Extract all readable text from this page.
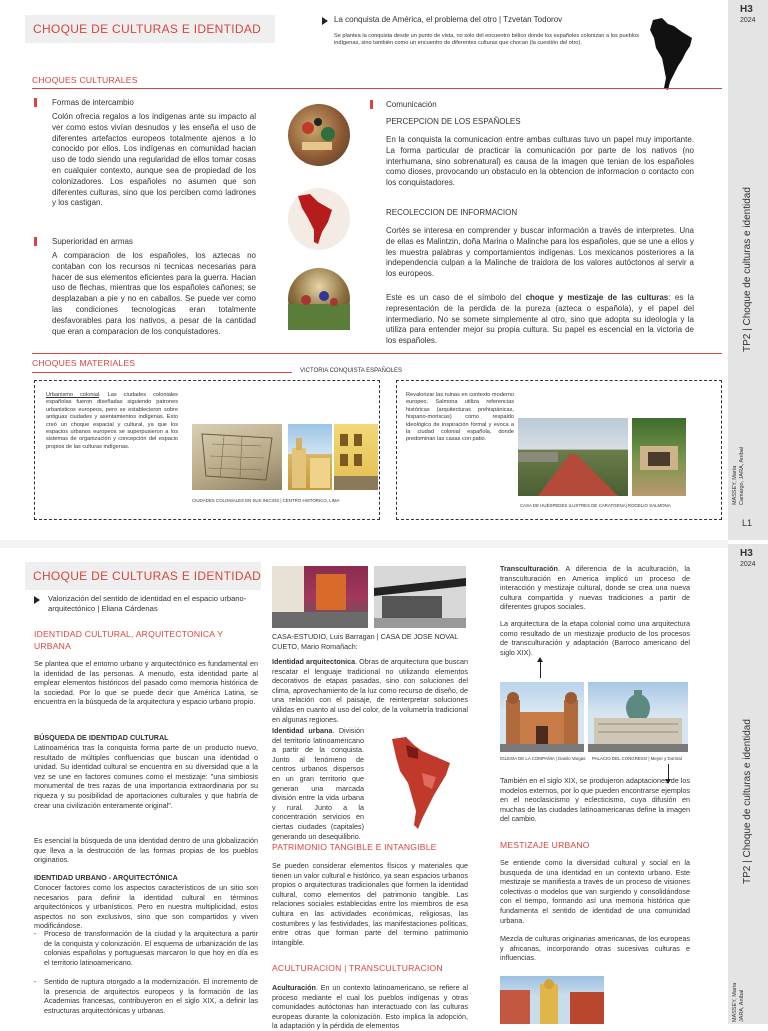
H3
2024
TP2 | Choque de culturas e identidad
MASSEY, María
Camargo, JARA, Aníbal
L1
H3
2024
TP2 | Choque de culturas e identidad
MASSEY, María
JARA, Aníbal
CHOQUE DE CULTURAS E IDENTIDAD
La conquista de América, el problema del otro | Tzvetan Todorov
Se plantea la conquista desde un punto de vista, no solo del encuentro bélico donde los españoles colonizan a los pueblos indígenas, sino también como un encuentro de diferentes culturas que chocan (la cuestión del otro).
CHOQUES CULTURALES
Formas de intercambio
Colón ofrecia regalos a los indigenas ante su impacto al ver como estos vivían desnudos y les enseña el uso de diferentes artefactos europeos totalmente ajenos a lo conocido por ellos. Los indígenas en comunidad hacian uso de todo siendo una regularidad de ellos tomar cosas en cualquier contexto, aunque sea de propiedad de los colonizadores. Los españoles no asumen que son diferentes culturas, sino que los perciben como ladrones y los castigan.
Superioridad en armas
A comparacion de los españoles, los aztecas no contaban con los recursos ni tecnicas necesarias para hacer de sus elementos eficientes para la guerra. Hacian uso de flechas, mientras que los españoles cañones; se desplazaban a pie y no en caballos. Se puede ver como las condiciones tecnologicas eran totalmente desfavorables para los nativos, a pesar de la cantidad que eran a comparacion de los conquistadores.
Comunicación
PERCEPCION DE LOS ESPAÑOLES
En la conquista la comunicacion entre ambas culturas tuvo un papel muy importante. La forma particular de practicar la comunicación por parte de los nativos (no interhumana, sino sobrenatural) es causa de la imagen que tenian de los españoles como dioses, provocando un obstaculo en la obtencion de informacion o contacto con los conquistadores.
RECOLECCION DE INFORMACION
Cortés se interesa en comprender y buscar información a través de interpretes. Una de ellas es Malintzin, doña Marina o Malinche para los españoles, que se une a ellos y les muestra palabras y comportamientos indígenas. Los mexicanos posteriores a la independencia culpan a la Malinche de traidora de los valores autóctonos al servir a los europeos.
Este es un caso de el símbolo del choque y mestizaje de las culturas: es la representación de la perdida de la pureza (azteca o española), y el papel del intermediario. No se somete simplemente al otro, sino que adopta su ideología y la utiliza para entender mejor su propia cultura. Su papel es escencial en la victoria de los españoles.
VICTORIA CONQUISTA ESPAÑOLES
CHOQUES MATERIALES
Urbanismo colonial. Las ciudades coloniales españolas fueron diseñadas siguiendo patrones urbanisticos europeos, pero se establecieron sobre antiguas ciudades y asentamientos indígenas. Esto creó un choque espacial y cultural, ya que los espacios urbanos europeos se superpusieron a los sistemas de organización y concepción del espacio propios de las culturas indígenas.
CIUDADES COLONIALES EN SUS INICIOS | CENTRO HISTORICO, LIMA
Revalorizar las ruinas en contexto moderno europeo. Salmona utiliza referencias históricas (arquitecturas prehispánicas, hispano-moriscas) como respaldo ideológico de inspiración formal y evoca a la ciudad colonial española, donde predominan las casas con patio.
CASA DE HUÉSPEDES ILUSTRES DE CARATGENA| ROGELIO SALMONA
CHOQUE DE CULTURAS E IDENTIDAD
Valorización del sentido de identidad en el espacio urbano-arquitectónico | Eliana Cárdenas
IDENTIDAD CULTURAL, ARQUITECTONICA Y URBANA
Se plantea que el entorno urbano y arquitectónico es fundamental en la identidad de las personas. A menudo, esta identidad parte al emplear elementos históricos del pasado como memoria histórica de la sociedad. Por lo que se puede decir que América Latina, se encuentra en la búsqueda de la arquitectura y espacio urbano propio.
BÚSQUEDA DE IDENTIDAD CULTURAL
Latinoamérica tras la conquista forma parte de un producto nuevo, resultado de múltiples confluencias que buscan una identidad o unidad. Su identidad cultural se encuentra en su diversidad que a la vez se une en factores comunes como el mestizaje: "una simbiosis monumental de tres razas de una importancia extraordinaria por su riqueza y su posibilidad de aportaciones culturales y que habría de crear una civilización enteramente original".
Es esencial la búsqueda de una identidad dentro de una globalización que lleva a la destrucción de las formas propias de los pueblos originarios.
IDENTIDAD URBANO - ARQUITECTÓNICA
Conocer factores como los aspectos característicos de un sitio son necesarios para definir la identidad cultural en términos arquitectónicos y urbanísticos. Pero en nuestra multiplicidad, estos aspectos no son exclusivos, sino que son compartidos y viven modificándose.
- Proceso de transformación de la ciudad y la arquitectura a partir de la conquista y colonización. El esquema de urbanización de las colonias españolas y portuguesas marcaron lo que hoy en día es el territorio latinoamericano.
- Sentido de ruptura otorgado a la modernización. El incremento de la presencia de arquitectos europeos y la formación de las Academias francesas, contribuyeron en el siglo XIX, a definir las estructuras arquitectónicas y urbanas.
CASA-ESTUDIO, Luis Barragan | CASA DE JOSE NOVAL CUETO, Mario Romañach:
Identidad arquitectonica. Obras de arquitectura que buscan rescatar el lenguaje tradicional no utilizando elementos decorativos de etapas pasadas, sino con soluciones del clima, aprovechamiento de la luz como recurso de diseño, de una relación con el paisaje, de reinterpretar soluciones válidas en cuanto al uso del color, de la volumetría tradicional en algunas regiones.
Identidad urbana. División del territorio latinoamericano a partir de la conquista. Junto al fenómeno de centros urbanos dispersos en un gran territorio que generan una marcada división entre la vida urbana y rural. Junto a la concentración servicios en ciertas ciudades (capitales) generando un desequilibrio.
PATRIMONIO TANGIBLE E INTANGIBLE
Se pueden considerar elementos físicos y materiales que tienen un valor cultural e histórico, ya sean espacios urbanos propios o arquitecturas tradicionales que formen la identidad cultural, como elementos del patrimonio tangible. Las relaciones sociales establecidas entre los miembros de esa cultura en las actividades económicas, religiosas, las costumbres y las festividades, las manifestaciones políticas, entre otras que forman parte del termino patrimonio intangible.
ACULTURACION | TRANSCULTURACION
Aculturación. En un contexto latinoamericano, se refiere al proceso mediante el cual los pueblos indígenas y otras comunidades autóctonas han interactuado con las culturas europeas durante la colonización. Esto implica la adopción, la adaptación y la pérdida de elementos
Transculturación. A diferencia de la aculturación, la transculturación en America implicó un proceso de interacción y mestizaje cultural, donde se crea una nueva cultura compartida y nuevas tradiciones a partir de diferentes grupos sociales.
La arquitectura de la etapa colonial como una arquitectura como resultado de un mestizaje producto de los procesos de transculturación y adaptación (Barroco americano del siglo XIX).
IGLESIA DE LA COMPAÑIA | Danilo Vargas PALACIO DEL CONGRESO | Meyer y Dormal
También en el siglo XIX, se produjeron adaptaciones de los modelos externos, por lo que pueden encontrarse ejemplos en el neoclasicismo y eclecticismo, cuya difusión en muchas de las ciudades latinoamericanas define la imagen del cambio.
MESTIZAJE URBANO
Se entiende como la diversidad cultural y social en la busqueda de una identidad en un contexto urbano. Este mestizaje se manifiesta a través de un proceso de visiones colectivas o modelos que van surgiendo y consolidándose con el tiempo, formando así una memoria histórica que fundamenta el sentido de identidad de una comunidad urbana.
Mezcla de culturas originarias americanas, de los europeas y africanas, incorporando otras sucesivas culturas e influencias.
